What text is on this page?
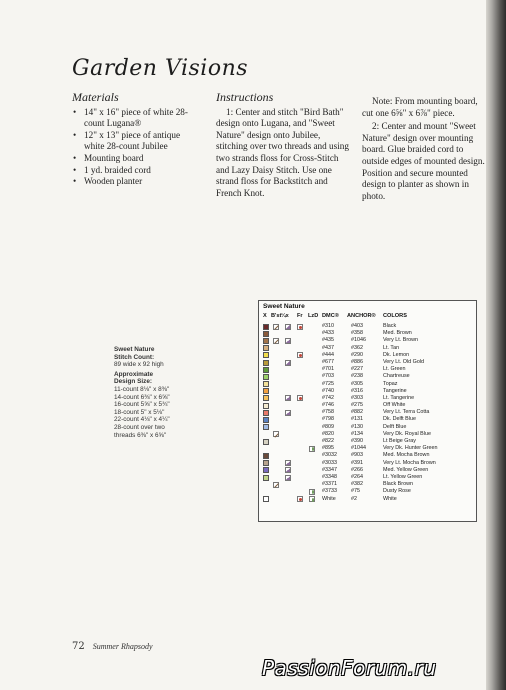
Garden Visions
Materials
• 14" x 16" piece of white 28-count Lugana®
• 12" x 13" piece of antique white 28-count Jubilee
• Mounting board
• 1 yd. braided cord
• Wooden planter
Instructions

1: Center and stitch "Bird Bath" design onto Lugana, and "Sweet Nature" design onto Jubilee, stitching over two threads and using two strands floss for Cross-Stitch and Lazy Daisy Stitch. Use one strand floss for Backstitch and French Knot.

Note: From mounting board, cut one 6⅝" x 6⅞" piece.

2: Center and mount "Sweet Nature" design over mounting board. Glue braided cord to outside edges of mounted design. Position and secure mounted design to planter as shown in photo.

Sweet Nature
Stitch Count:
89 wide x 92 high
Approximate
Design Size:
11-count 8⅛" x 8⅜"
14-count 6⅜" x 6⅝"
16-count 5⅝" x 5¾"
18-count 5" x 5⅛"
22-count 4⅛" x 4¼"
28-count over two
threads 6⅜" x 6⅝"
Sweet Nature
X B'st ¼x Fr LzD DMC® ANCHOR® COLORS
#310	#403	Black
#433	#358	Med. Brown
#435	#1046	Very Lt. Brown
#437	#362	Lt. Tan
#444	#290	Dk. Lemon
#677	#886	Very Lt. Old Gold
#701	#227	Lt. Green
#703	#238	Chartreuse
#725	#305	Topaz
#740	#316	Tangerine
#742	#303	Lt. Tangerine
#746	#275	Off White
#758	#882	Very Lt. Terra Cotta
#798	#131	Dk. Delft Blue
#809	#130	Delft Blue
#820	#134	Very Dk. Royal Blue
#822	#390	Lt Beige Gray
#895	#1044	Very Dk. Hunter Green
#3032	#903	Med. Mocha Brown
#3033	#391	Very Lt. Mocha Brown
#3347	#266	Med. Yellow Green
#3348	#264	Lt. Yellow Green
#3371	#382	Black Brown
#3733	#75	Dusty Rose
White	#2	White
72 Summer Rhapsody
PassionForum.ru
